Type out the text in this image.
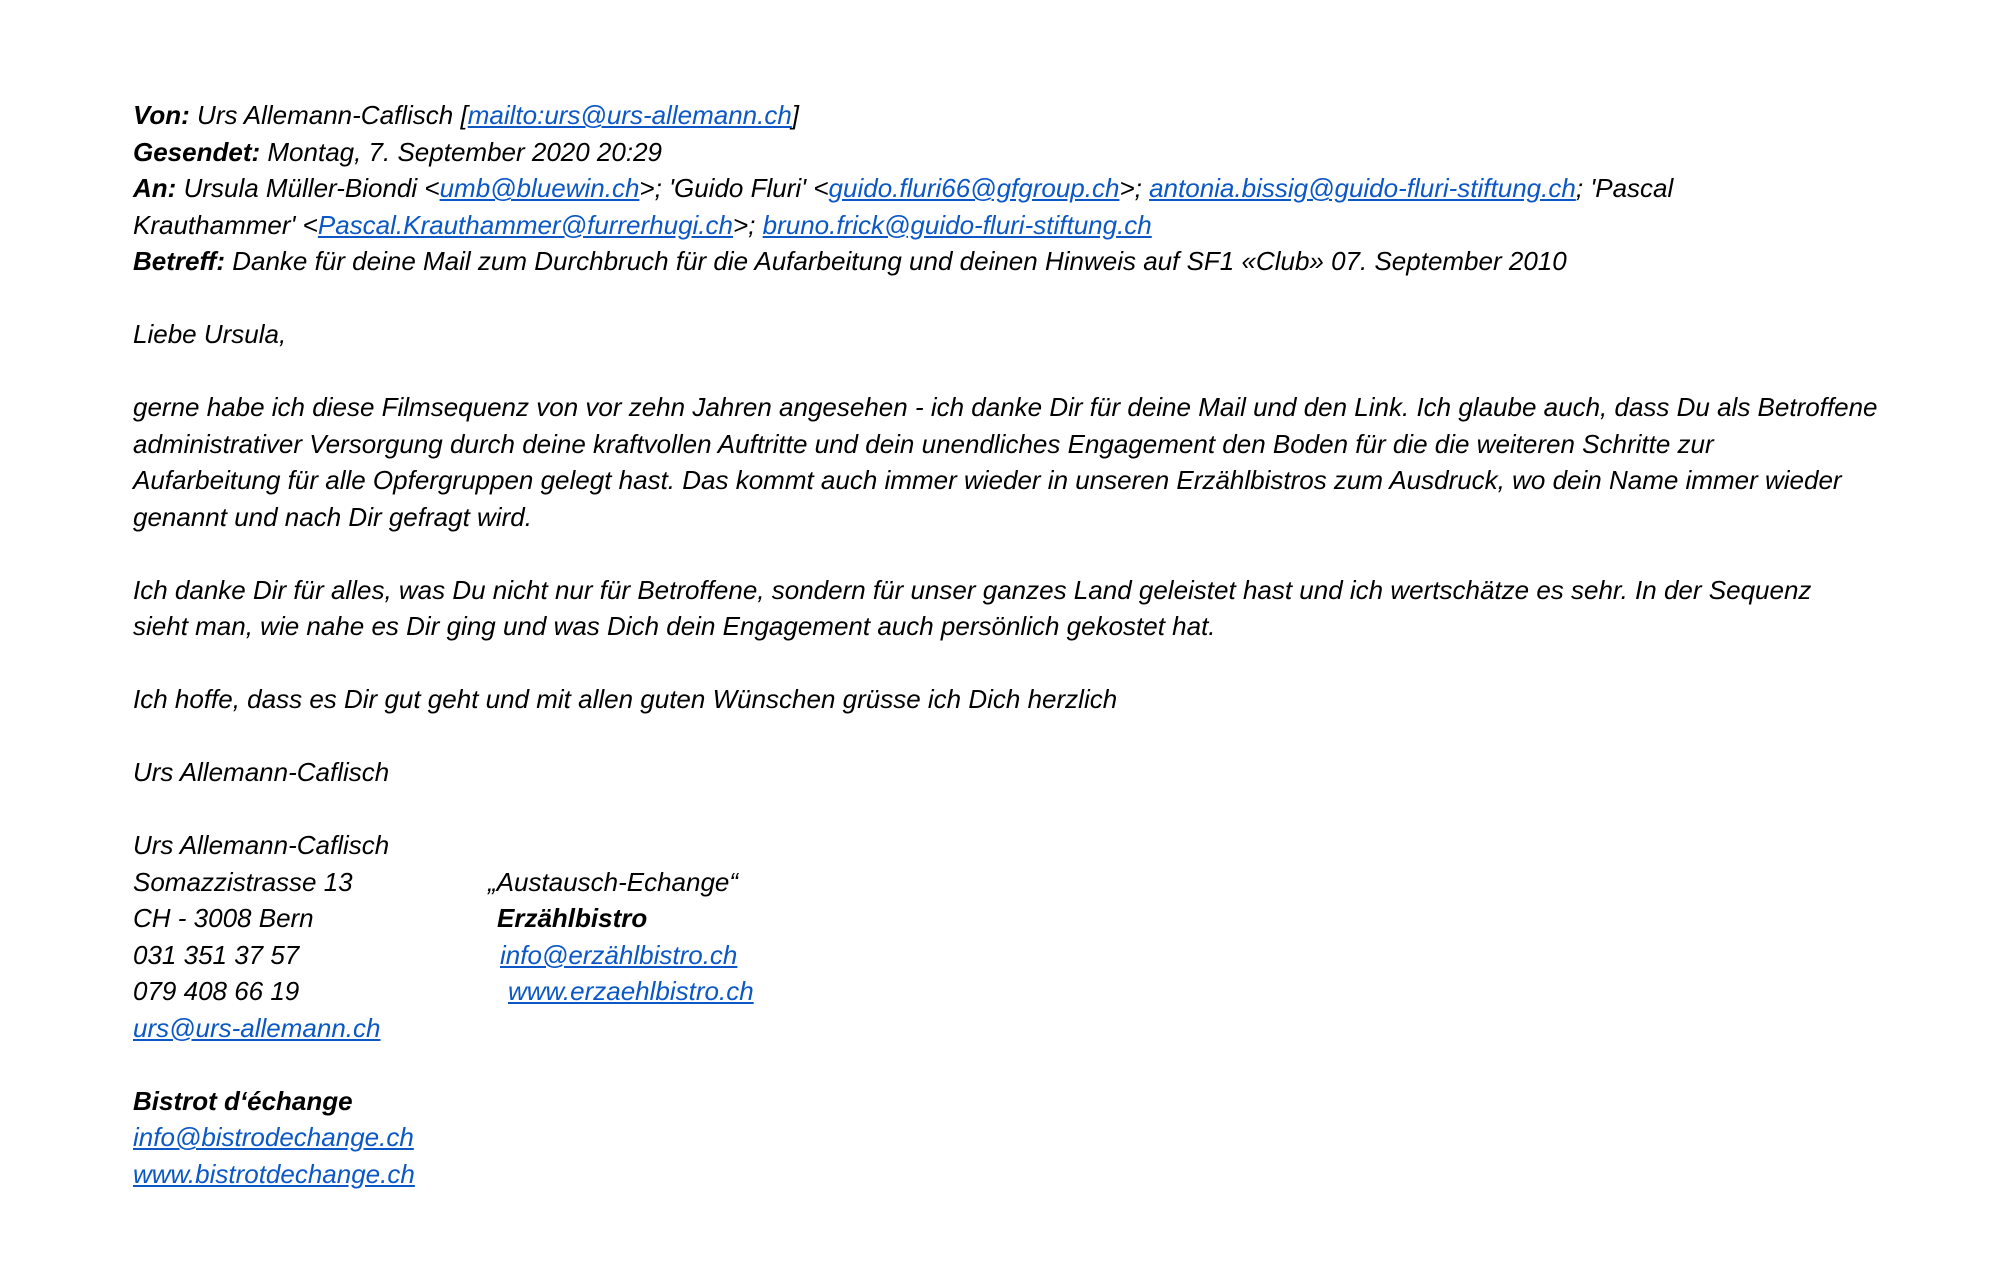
Von: Urs Allemann-Caflisch [mailto:urs@urs-allemann.ch]
Gesendet: Montag, 7. September 2020 20:29
An: Ursula Müller-Biondi <umb@bluewin.ch>; 'Guido Fluri' <guido.fluri66@gfgroup.ch>; antonia.bissig@guido-fluri-stiftung.ch; 'Pascal
Krauthammer' <Pascal.Krauthammer@furrerhugi.ch>; bruno.frick@guido-fluri-stiftung.ch
Betreff: Danke für deine Mail zum Durchbruch für die Aufarbeitung und deinen Hinweis auf SF1 «Club» 07. September 2010
Liebe Ursula,
gerne habe ich diese Filmsequenz von vor zehn Jahren angesehen - ich danke Dir für deine Mail und den Link. Ich glaube auch, dass Du als Betroffene
administrativer Versorgung durch deine kraftvollen Auftritte und dein unendliches Engagement den Boden für die die weiteren Schritte zur
Aufarbeitung für alle Opfergruppen gelegt hast. Das kommt auch immer wieder in unseren Erzählbistros zum Ausdruck, wo dein Name immer wieder
genannt und nach Dir gefragt wird.
Ich danke Dir für alles, was Du nicht nur für Betroffene, sondern für unser ganzes Land geleistet hast und ich wertschätze es sehr. In der Sequenz
sieht man, wie nahe es Dir ging und was Dich dein Engagement auch persönlich gekostet hat.
Ich hoffe, dass es Dir gut geht und mit allen guten Wünschen grüsse ich Dich herzlich
Urs Allemann-Caflisch
Urs Allemann-Caflisch
Somazzistrasse 13	„Austausch-Echange“
CH - 3008 Bern	Erzählbistro
031 351 37 57	info@erzählbistro.ch
079 408 66 19	www.erzaehlbistro.ch
urs@urs-allemann.ch
Bistrot d‘échange
info@bistrodechange.ch
www.bistrotdechange.ch
